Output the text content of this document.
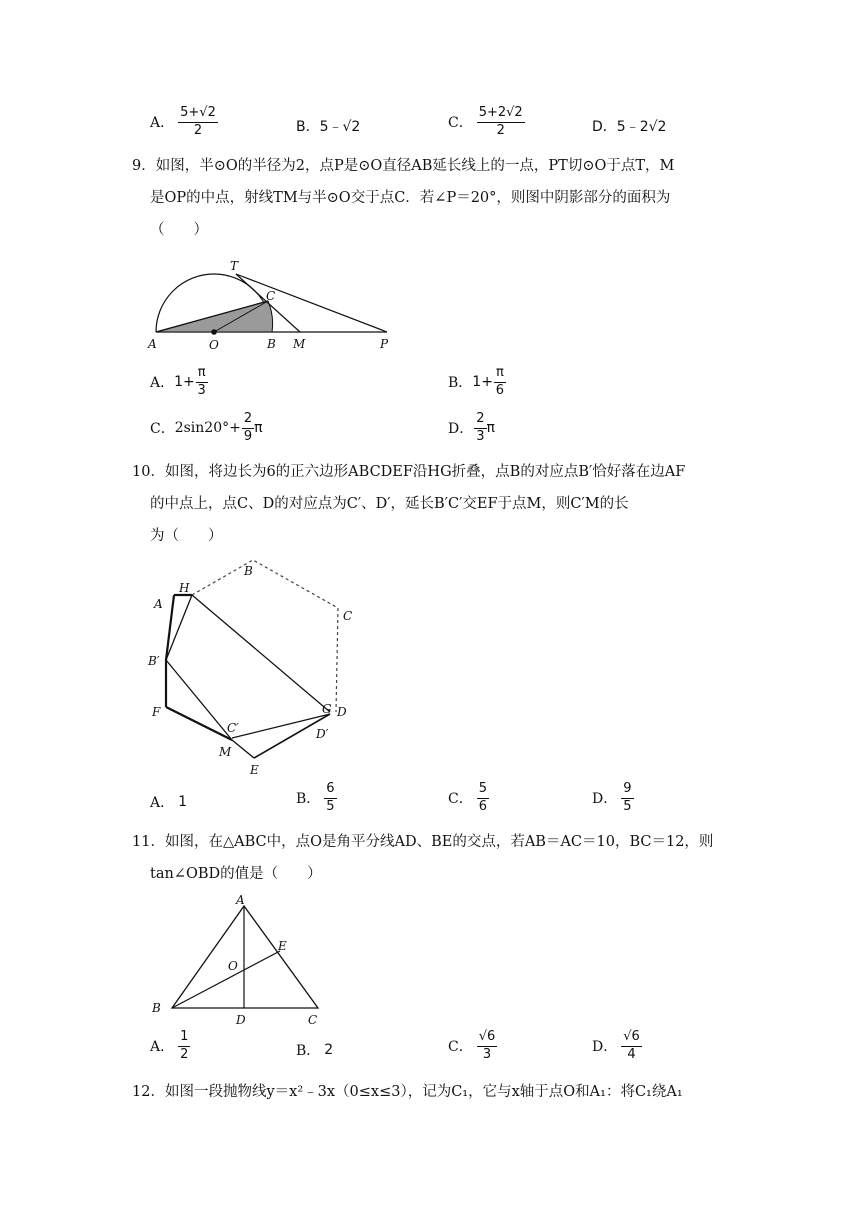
A． $\frac{5+√2}{2}$	B． 5﹣√2	C． $\frac{5+2√2}{2}$	D． 5﹣2√2
9．如图，半⊙O的半径为2，点P是⊙O直径AB延长线上的一点，PT切⊙O于点T，M
是OP的中点，射线TM与半⊙O交于点C．若∠P＝20°，则图中阴影部分的面积为
（　　）
A	O	B M	P
T
C
A． $1+ \frac{\pi}{3}$	B． $1+ \frac{\pi}{6}$
C． $2\sin 20^\circ+ \frac{2}{9}$ π	D． $\frac{2}{3}$ π
10．如图，将边长为6的正六边形ABCDEF沿HG折叠，点B的对应点B′恰好落在边AF
的中点上，点C、D的对应点为C′、D′，延长B′C′交EF于点M，则C′M的长
为（　　）
A
H
B
C
B′
F	G D
C′	D′
M
E
A． 1	B． $\frac{6}{5}$	C． $\frac{5}{6}$	D． $\frac{9}{5}$
11．如图，在△ABC中，点O是角平分线AD、BE的交点，若AB＝AC＝10，BC＝12，则
tan∠OBD的值是（　　）
A
E
O
B
D	C
A． $\frac{1}{2}$	B． 2	C． $\frac{√6}{3}$	D． $\frac{√6}{4}$
12．如图一段抛物线y＝x²﹣3x（0≤x≤3），记为C₁，它与x轴于点O和A₁：将C₁绕A₁
